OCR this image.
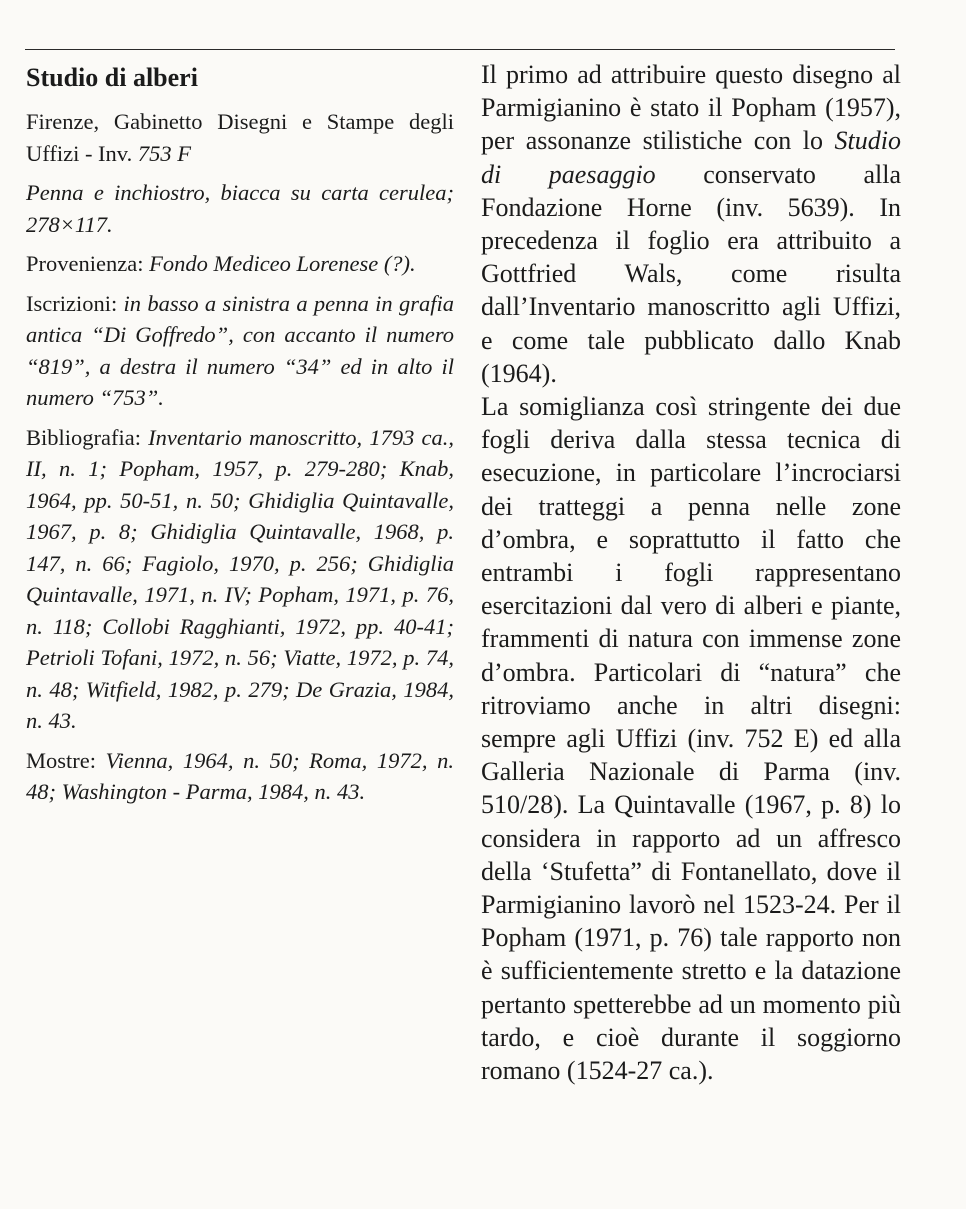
Studio di alberi
Firenze, Gabinetto Disegni e Stampe degli Uffizi - Inv. 753 F
Penna e inchiostro, biacca su carta cerulea; 278×117.
Provenienza: Fondo Mediceo Lorenese (?).
Iscrizioni: in basso a sinistra a penna in grafia antica “Di Goffredo”, con accanto il numero “819”, a destra il numero “34” ed in alto il numero “753”.
Bibliografia: Inventario manoscritto, 1793 ca., II, n. 1; Popham, 1957, p. 279-280; Knab, 1964, pp. 50-51, n. 50; Ghidiglia Quintavalle, 1967, p. 8; Ghidiglia Quintavalle, 1968, p. 147, n. 66; Fagiolo, 1970, p. 256; Ghidiglia Quintavalle, 1971, n. IV; Popham, 1971, p. 76, n. 118; Collobi Ragghianti, 1972, pp. 40-41; Petrioli Tofani, 1972, n. 56; Viatte, 1972, p. 74, n. 48; Witfield, 1982, p. 279; De Grazia, 1984, n. 43.
Mostre: Vienna, 1964, n. 50; Roma, 1972, n. 48; Washington - Parma, 1984, n. 43.

Il primo ad attribuire questo disegno al Parmigianino è stato il Popham (1957), per assonanze stilistiche con lo Studio di paesaggio conservato alla Fondazione Horne (inv. 5639). In precedenza il foglio era attribuito a Gottfried Wals, come risulta dall’Inventario manoscritto agli Uffizi, e come tale pubblicato dallo Knab (1964).

La somiglianza così stringente dei due fogli deriva dalla stessa tecnica di esecuzione, in particolare l’incrociarsi dei tratteggi a penna nelle zone d’ombra, e soprattutto il fatto che entrambi i fogli rappresentano esercitazioni dal vero di alberi e piante, frammenti di natura con immense zone d’ombra. Particolari di “natura” che ritroviamo anche in altri disegni: sempre agli Uffizi (inv. 752 E) ed alla Galleria Nazionale di Parma (inv. 510/28). La Quintavalle (1967, p. 8) lo considera in rapporto ad un affresco della ‘Stufetta” di Fontanellato, dove il Parmigianino lavorò nel 1523-24. Per il Popham (1971, p. 76) tale rapporto non è sufficientemente stretto e la datazione pertanto spetterebbe ad un momento più tardo, e cioè durante il soggiorno romano (1524-27 ca.).
